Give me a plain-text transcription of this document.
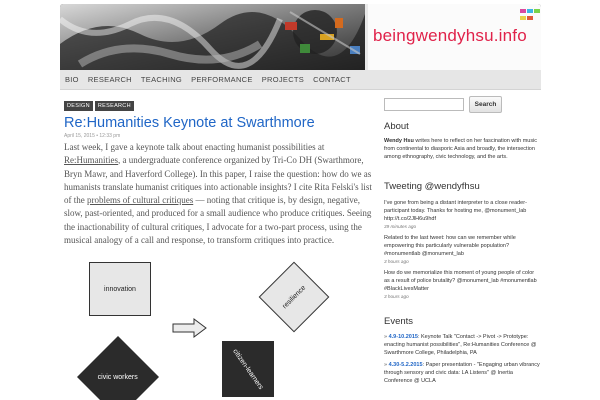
beingwendyhsu.info
BIO RESEARCH TEACHING PERFORMANCE PROJECTS CONTACT
DESIGN	RESEARCH
Re:Humanities Keynote at Swarthmore
April 15, 2015 • 12:33 pm

Last week, I gave a keynote talk about enacting humanist possibilities at Re:Humanities, a undergraduate conference organized by Tri-Co DH (Swarthmore, Bryn Mawr, and Haverford College). In this paper, I raise the question: how do we as humanists translate humanist critiques into actionable insights? I cite Rita Felski's list of the problems of cultural critiques — noting that critique is, by design, negative, slow, past-oriented, and produced for a small audience who produce critiques. Seeing the inactionability of cultural critiques, I advocate for a two-part process, using the musical analogy of a call and response, to transform critiques into practice.

innovation	resilience
civic workers	citizen-learners
Search
About
Wendy Hsu writes here to reflect on her fascination with music from continental to diasporic Asia and broadly, the intersection among ethnography, civic technology, and the arts.
Tweeting @wendyfhsu
I've gone from being a distant interpreter to a close reader-participant today. Thanks for hosting me, @monument_lab http://t.co/2JlH6u9hdf
39 minutes ago
Related to the last tweet: how can we remember while empowering this particularly vulnerable population? #monumentlab @monument_lab
3 hours ago
How do we memorialize this moment of young people of color as a result of police brutality? @monument_lab #monumentlab #BlackLivesMatter
3 hours ago
Events
» 4.9-10.2015: Keynote Talk "Contact -> Pivot -> Prototype: enacting humanist possibilities", Re:Humanities Conference @ Swarthmore College, Philadelphia, PA
» 4.30-5.2.2015: Paper presentation - "Engaging urban vibrancy through sensory and civic data: LA Listens" @ Inertia Conference @ UCLA
